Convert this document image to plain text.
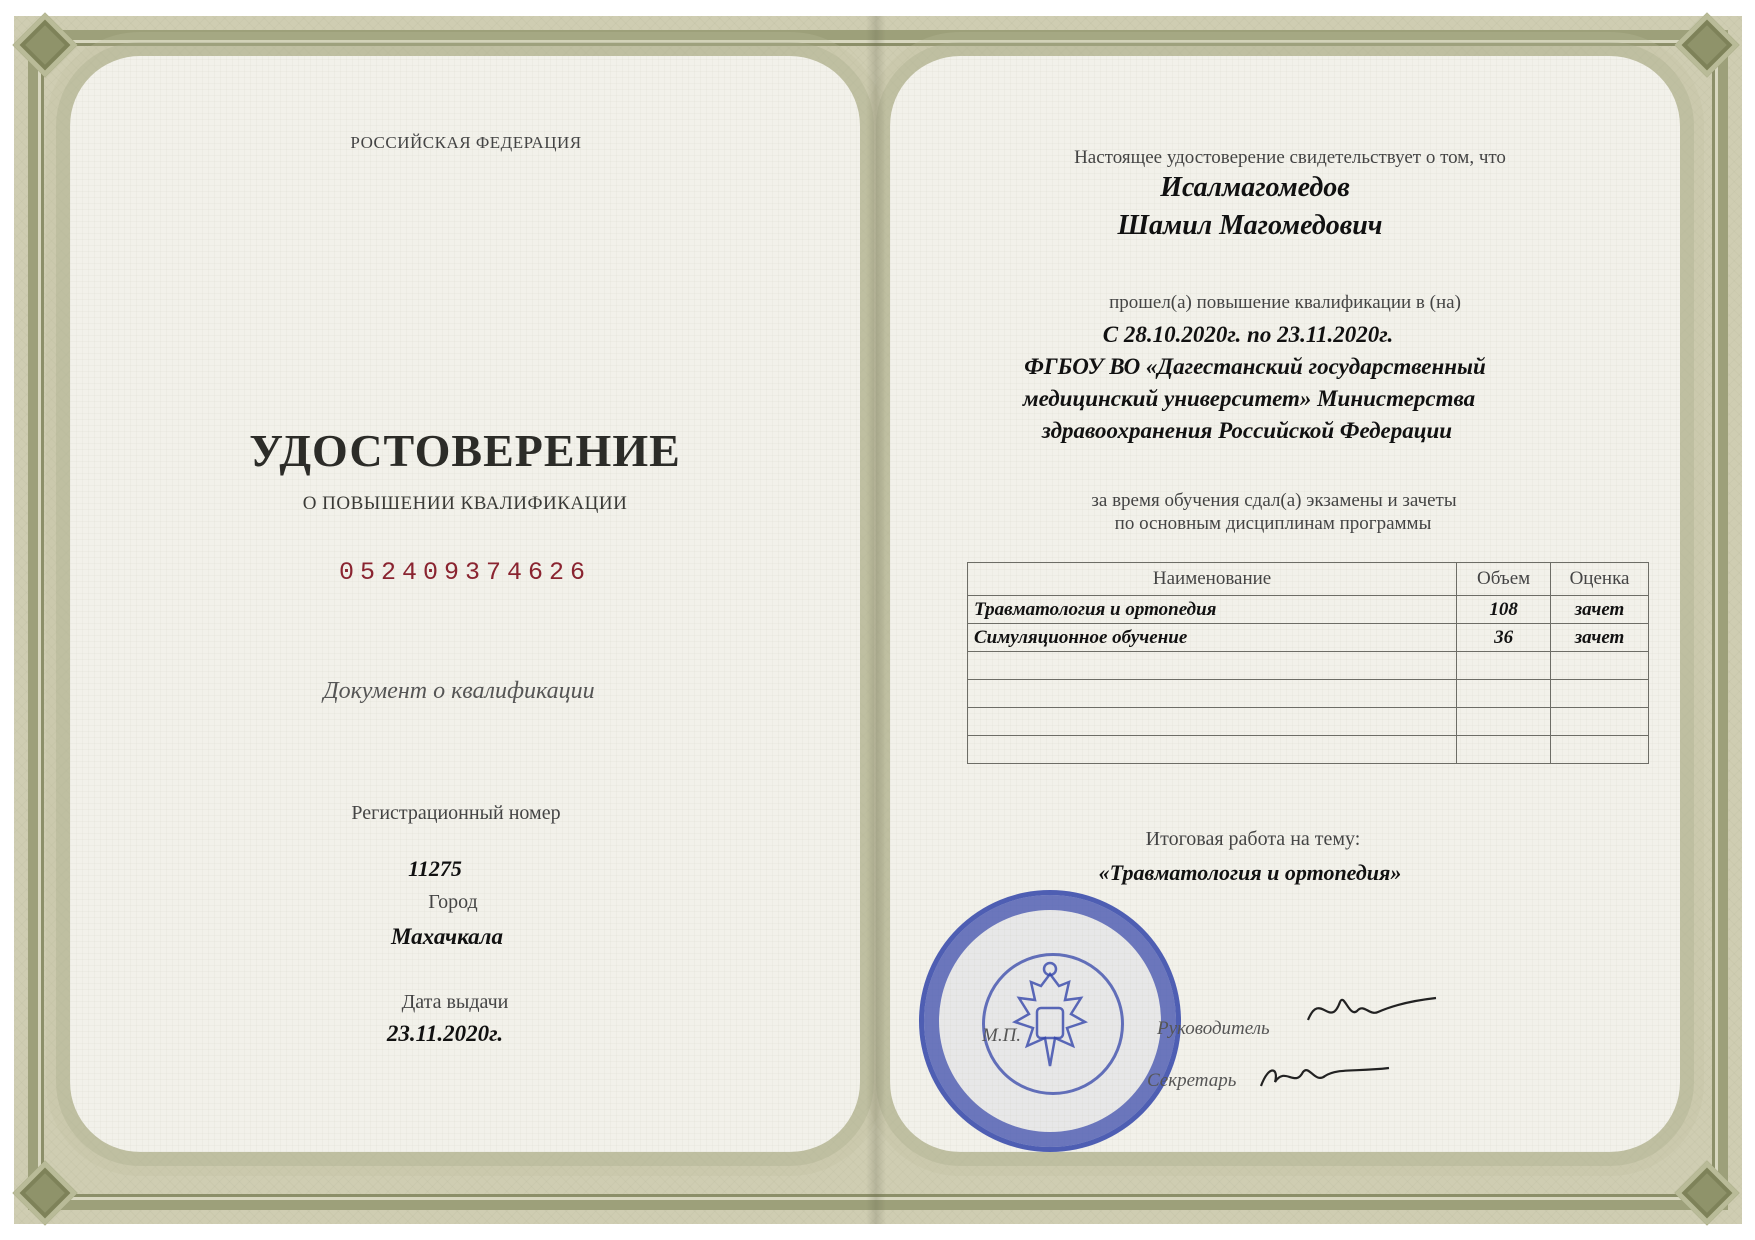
РОССИЙСКАЯ ФЕДЕРАЦИЯ
УДОСТОВЕРЕНИЕ
О ПОВЫШЕНИИ КВАЛИФИКАЦИИ
052409374626
Документ о квалификации
Регистрационный номер
11275
Город
Махачкала
Дата выдачи
23.11.2020г.
Настоящее удостоверение свидетельствует о том, что
Исалмагомедов
Шамил Магомедович
прошел(а) повышение квалификации в (на)
С 28.10.2020г. по 23.11.2020г.
ФГБОУ ВО «Дагестанский государственный
медицинский университет» Министерства
здравоохранения Российской Федерации
за время обучения сдал(а) экзамены и зачеты
по основным дисциплинам программы
Наименование	Объем	Оценка
Травматология и ортопедия	108	зачет
Симуляционное обучение	36	зачет

Итоговая работа на тему:
«Травматология и ортопедия»
М.П.	Руководитель
Секретарь
